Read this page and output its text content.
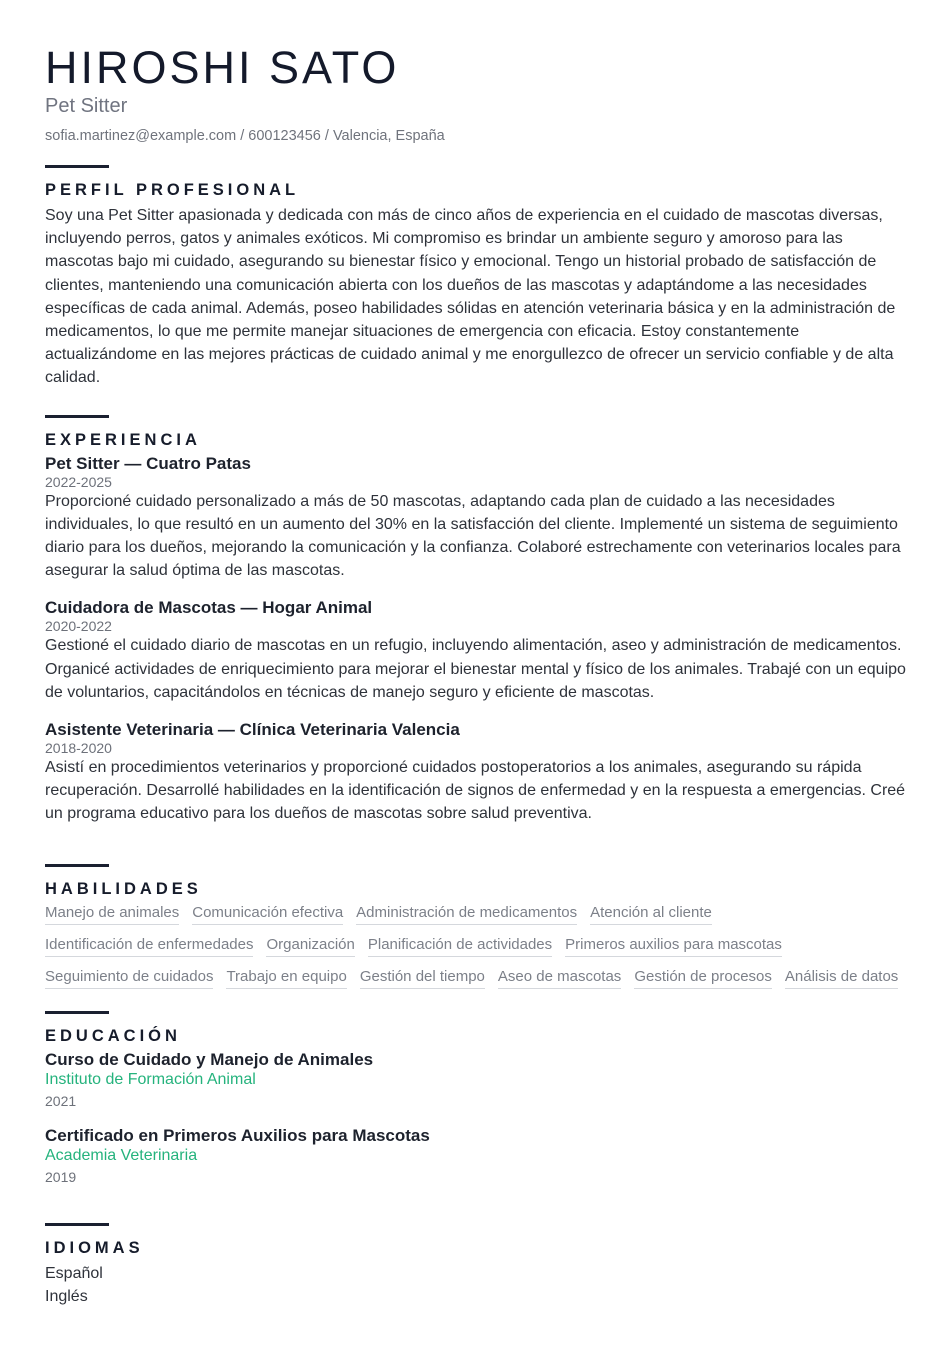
HIROSHI SATO
Pet Sitter
sofia.martinez@example.com / 600123456 / Valencia, España
PERFIL PROFESIONAL

Soy una Pet Sitter apasionada y dedicada con más de cinco años de experiencia en el cuidado de mascotas diversas, incluyendo perros, gatos y animales exóticos. Mi compromiso es brindar un ambiente seguro y amoroso para las mascotas bajo mi cuidado, asegurando su bienestar físico y emocional. Tengo un historial probado de satisfacción de clientes, manteniendo una comunicación abierta con los dueños de las mascotas y adaptándome a las necesidades específicas de cada animal. Además, poseo habilidades sólidas en atención veterinaria básica y en la administración de medicamentos, lo que me permite manejar situaciones de emergencia con eficacia. Estoy constantemente actualizándome en las mejores prácticas de cuidado animal y me enorgullezco de ofrecer un servicio confiable y de alta calidad.

EXPERIENCIA
Pet Sitter — Cuatro Patas
2022-2025

Proporcioné cuidado personalizado a más de 50 mascotas, adaptando cada plan de cuidado a las necesidades individuales, lo que resultó en un aumento del 30% en la satisfacción del cliente. Implementé un sistema de seguimiento diario para los dueños, mejorando la comunicación y la confianza. Colaboré estrechamente con veterinarios locales para asegurar la salud óptima de las mascotas.

Cuidadora de Mascotas — Hogar Animal
2020-2022

Gestioné el cuidado diario de mascotas en un refugio, incluyendo alimentación, aseo y administración de medicamentos. Organicé actividades de enriquecimiento para mejorar el bienestar mental y físico de los animales. Trabajé con un equipo de voluntarios, capacitándolos en técnicas de manejo seguro y eficiente de mascotas.

Asistente Veterinaria — Clínica Veterinaria Valencia
2018-2020

Asistí en procedimientos veterinarios y proporcioné cuidados postoperatorios a los animales, asegurando su rápida recuperación. Desarrollé habilidades en la identificación de signos de enfermedad y en la respuesta a emergencias. Creé un programa educativo para los dueños de mascotas sobre salud preventiva.

HABILIDADES
Manejo de animales Comunicación efectiva Administración de medicamentos Atención al cliente
Identificación de enfermedades Organización Planificación de actividades Primeros auxilios para mascotas
Seguimiento de cuidados Trabajo en equipo Gestión del tiempo Aseo de mascotas Gestión de procesos Análisis de datos
EDUCACIÓN
Curso de Cuidado y Manejo de Animales
Instituto de Formación Animal
2021
Certificado en Primeros Auxilios para Mascotas
Academia Veterinaria
2019
IDIOMAS
Español
Inglés
